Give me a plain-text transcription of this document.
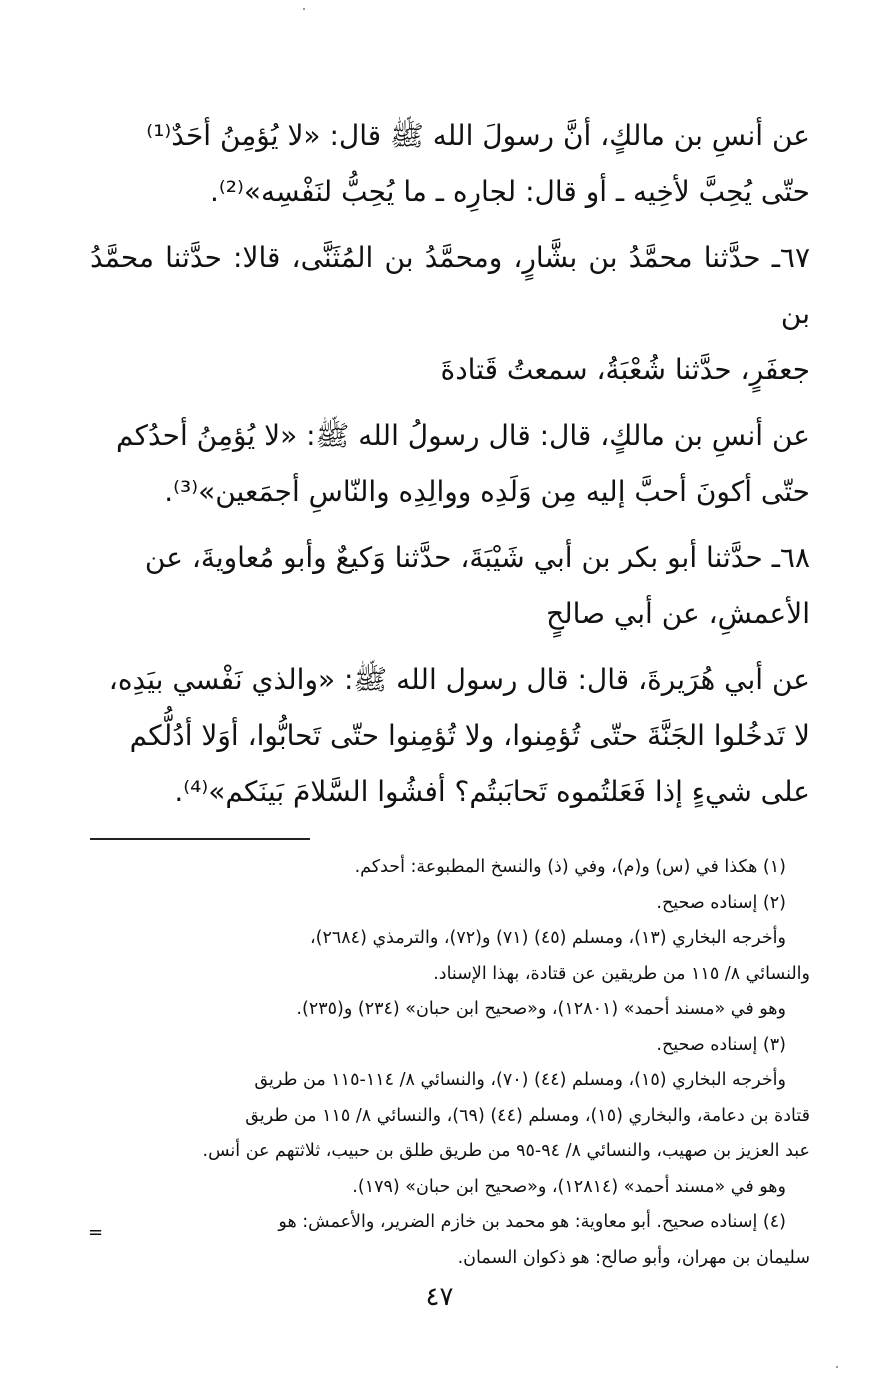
عن أنسِ بن مالكٍ، أنَّ رسولَ الله ﷺ قال: «لا يُؤمِنُ أحَدٌ⁽¹⁾
حتّى يُحِبَّ لأخِيه ـ أو قال: لجارِه ـ ما يُحِبُّ لنَفْسِه»⁽²⁾.

٦٧ـ حدَّثنا محمَّدُ بن بشَّارٍ، ومحمَّدُ بن المُثَنَّى، قالا: حدَّثنا محمَّدُ بن
جعفَرٍ، حدَّثنا شُعْبَةُ، سمعتُ قَتادةَ

عن أنسِ بن مالكٍ، قال: قال رسولُ الله ﷺ: «لا يُؤمِنُ أحدُكم
حتّى أكونَ أحبَّ إليه مِن وَلَدِه ووالِدِه والنّاسِ أجمَعين»⁽³⁾.

٦٨ـ حدَّثنا أبو بكر بن أبي شَيْبَةَ، حدَّثنا وَكيعٌ وأبو مُعاويةَ، عن
الأعمشِ، عن أبي صالحٍ

عن أبي هُرَيرةَ، قال: قال رسول الله ﷺ: «والذي نَفْسي بيَدِه،
لا تَدخُلوا الجَنَّةَ حتّى تُؤمِنوا، ولا تُؤمِنوا حتّى تَحابُّوا، أوَلا أدُلُّكم
على شيءٍ إذا فَعَلتُموه تَحابَبتُم؟ أفشُوا السَّلامَ بَينَكم»⁽⁴⁾.

(١) هكذا في (س) و(م)، وفي (ذ) والنسخ المطبوعة: أحدكم.

(٢) إسناده صحيح.

وأخرجه البخاري (١٣)، ومسلم (٤٥) (٧١) و(٧٢)، والترمذي (٢٦٨٤)،

والنسائي ٨/ ١١٥ من طريقين عن قتادة، بهذا الإسناد.

وهو في «مسند أحمد» (١٢٨٠١)، و«صحيح ابن حبان» (٢٣٤) و(٢٣٥).

(٣) إسناده صحيح.

وأخرجه البخاري (١٥)، ومسلم (٤٤) (٧٠)، والنسائي ٨/ ١١٤-١١٥ من طريق

قتادة بن دعامة، والبخاري (١٥)، ومسلم (٤٤) (٦٩)، والنسائي ٨/ ١١٥ من طريق

عبد العزيز بن صهيب، والنسائي ٨/ ٩٤-٩٥ من طريق طلق بن حبيب، ثلاثتهم عن أنس.

وهو في «مسند أحمد» (١٢٨١٤)، و«صحيح ابن حبان» (١٧٩).

(٤) إسناده صحيح. أبو معاوية: هو محمد بن خازم الضرير، والأعمش: هو

سليمان بن مهران، وأبو صالح: هو ذكوان السمان.

=
٤٧
